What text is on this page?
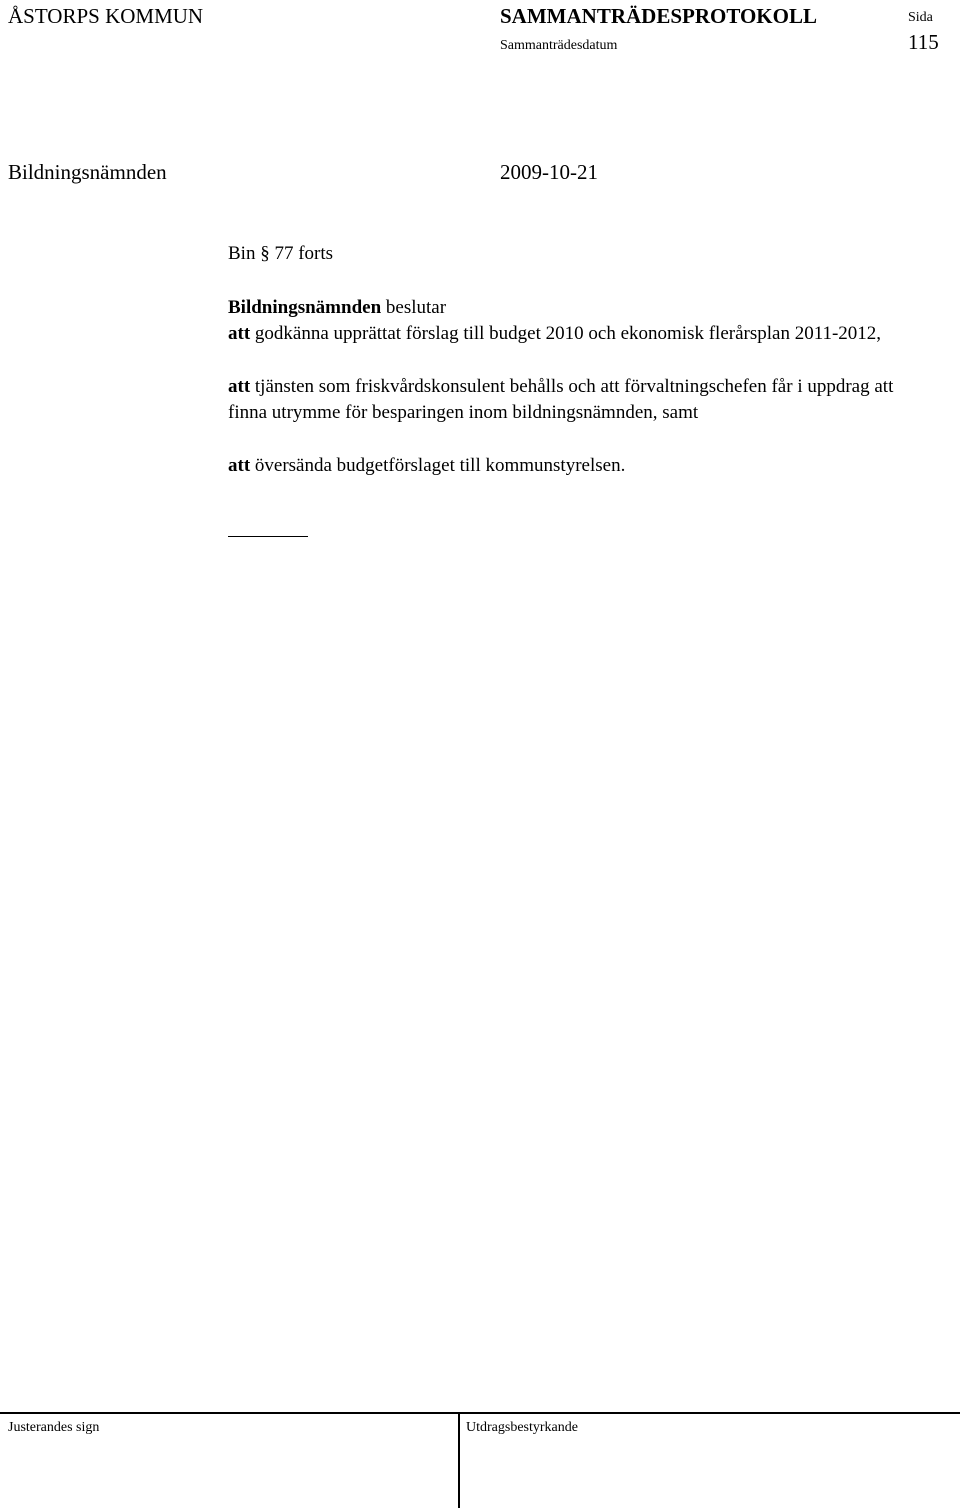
ÅSTORPS KOMMUN	SAMMANTRÄDESPROTOKOLL	Sida
Sammanträdesdatum	115
Bildningsnämnden	2009-10-21

Bin § 77 forts

Bildningsnämnden beslutar
att godkänna upprättat förslag till budget 2010 och ekonomisk flerårsplan 2011-2012,

att tjänsten som friskvårdskonsulent behålls och att förvaltningschefen får i uppdrag att finna utrymme för besparingen inom bildningsnämnden, samt

att översända budgetförslaget till kommunstyrelsen.

Justerandes sign	Utdragsbestyrkande
